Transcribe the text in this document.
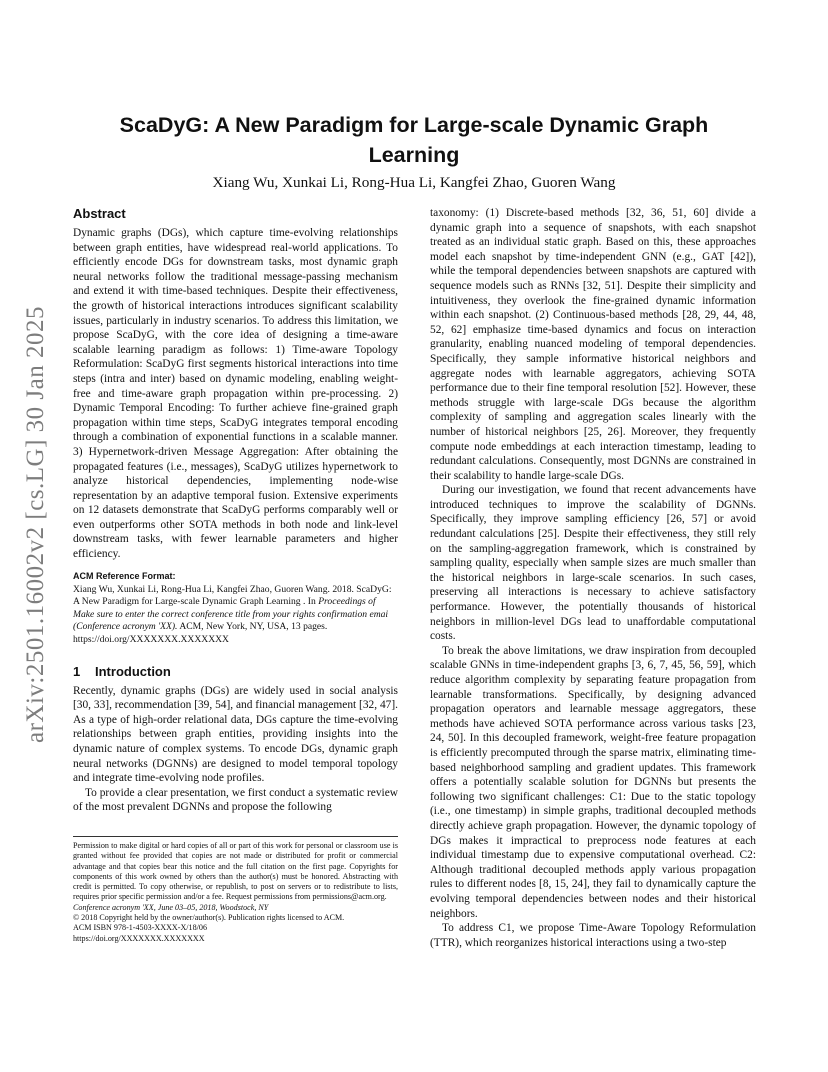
arXiv:2501.16002v2 [cs.LG] 30 Jan 2025
ScaDyG: A New Paradigm for Large-scale Dynamic Graph Learning
Xiang Wu, Xunkai Li, Rong-Hua Li, Kangfei Zhao, Guoren Wang
Abstract

Dynamic graphs (DGs), which capture time-evolving relationships between graph entities, have widespread real-world applications. To efficiently encode DGs for downstream tasks, most dynamic graph neural networks follow the traditional message-passing mechanism and extend it with time-based techniques. Despite their effectiveness, the growth of historical interactions introduces significant scalability issues, particularly in industry scenarios. To address this limitation, we propose ScaDyG, with the core idea of designing a time-aware scalable learning paradigm as follows: 1) Time-aware Topology Reformulation: ScaDyG first segments historical interactions into time steps (intra and inter) based on dynamic modeling, enabling weight-free and time-aware graph propagation within pre-processing. 2) Dynamic Temporal Encoding: To further achieve fine-grained graph propagation within time steps, ScaDyG integrates temporal encoding through a combination of exponential functions in a scalable manner. 3) Hypernetwork-driven Message Aggregation: After obtaining the propagated features (i.e., messages), ScaDyG utilizes hypernetwork to analyze historical dependencies, implementing node-wise representation by an adaptive temporal fusion. Extensive experiments on 12 datasets demonstrate that ScaDyG performs comparably well or even outperforms other SOTA methods in both node and link-level downstream tasks, with fewer learnable parameters and higher efficiency.

ACM Reference Format:

Xiang Wu, Xunkai Li, Rong-Hua Li, Kangfei Zhao, Guoren Wang. 2018. ScaDyG: A New Paradigm for Large-scale Dynamic Graph Learning . In Proceedings of Make sure to enter the correct conference title from your rights confirmation emai (Conference acronym 'XX). ACM, New York, NY, USA, 13 pages. https://doi.org/XXXXXXX.XXXXXXX

1 Introduction

Recently, dynamic graphs (DGs) are widely used in social analysis [30, 33], recommendation [39, 54], and financial management [32, 47]. As a type of high-order relational data, DGs capture the time-evolving relationships between graph entities, providing insights into the dynamic nature of complex systems. To encode DGs, dynamic graph neural networks (DGNNs) are designed to model temporal topology and integrate time-evolving node profiles.

To provide a clear presentation, we first conduct a systematic review of the most prevalent DGNNs and propose the following

Permission to make digital or hard copies of all or part of this work for personal or classroom use is granted without fee provided that copies are not made or distributed for profit or commercial advantage and that copies bear this notice and the full citation on the first page. Copyrights for components of this work owned by others than the author(s) must be honored. Abstracting with credit is permitted. To copy otherwise, or republish, to post on servers or to redistribute to lists, requires prior specific permission and/or a fee. Request permissions from permissions@acm.org.

Conference acronym 'XX, June 03–05, 2018, Woodstock, NY
© 2018 Copyright held by the owner/author(s). Publication rights licensed to ACM.
ACM ISBN 978-1-4503-XXXX-X/18/06
https://doi.org/XXXXXXX.XXXXXXX

taxonomy: (1) Discrete-based methods [32, 36, 51, 60] divide a dynamic graph into a sequence of snapshots, with each snapshot treated as an individual static graph. Based on this, these approaches model each snapshot by time-independent GNN (e.g., GAT [42]), while the temporal dependencies between snapshots are captured with sequence models such as RNNs [32, 51]. Despite their simplicity and intuitiveness, they overlook the fine-grained dynamic information within each snapshot. (2) Continuous-based methods [28, 29, 44, 48, 52, 62] emphasize time-based dynamics and focus on interaction granularity, enabling nuanced modeling of temporal dependencies. Specifically, they sample informative historical neighbors and aggregate nodes with learnable aggregators, achieving SOTA performance due to their fine temporal resolution [52]. However, these methods struggle with large-scale DGs because the algorithm complexity of sampling and aggregation scales linearly with the number of historical neighbors [25, 26]. Moreover, they frequently compute node embeddings at each interaction timestamp, leading to redundant calculations. Consequently, most DGNNs are constrained in their scalability to handle large-scale DGs.

During our investigation, we found that recent advancements have introduced techniques to improve the scalability of DGNNs. Specifically, they improve sampling efficiency [26, 57] or avoid redundant calculations [25]. Despite their effectiveness, they still rely on the sampling-aggregation framework, which is constrained by sampling quality, especially when sample sizes are much smaller than the historical neighbors in large-scale scenarios. In such cases, preserving all interactions is necessary to achieve satisfactory performance. However, the potentially thousands of historical neighbors in million-level DGs lead to unaffordable computational costs.

To break the above limitations, we draw inspiration from decoupled scalable GNNs in time-independent graphs [3, 6, 7, 45, 56, 59], which reduce algorithm complexity by separating feature propagation from learnable transformations. Specifically, by designing advanced propagation operators and learnable message aggregators, these methods have achieved SOTA performance across various tasks [23, 24, 50]. In this decoupled framework, weight-free feature propagation is efficiently precomputed through the sparse matrix, eliminating time-based neighborhood sampling and gradient updates. This framework offers a potentially scalable solution for DGNNs but presents the following two significant challenges: C1: Due to the static topology (i.e., one timestamp) in simple graphs, traditional decoupled methods directly achieve graph propagation. However, the dynamic topology of DGs makes it impractical to preprocess node features at each individual timestamp due to expensive computational overhead. C2: Although traditional decoupled methods apply various propagation rules to different nodes [8, 15, 24], they fail to dynamically capture the evolving temporal dependencies between nodes and their historical neighbors.

To address C1, we propose Time-Aware Topology Reformulation (TTR), which reorganizes historical interactions using a two-step
